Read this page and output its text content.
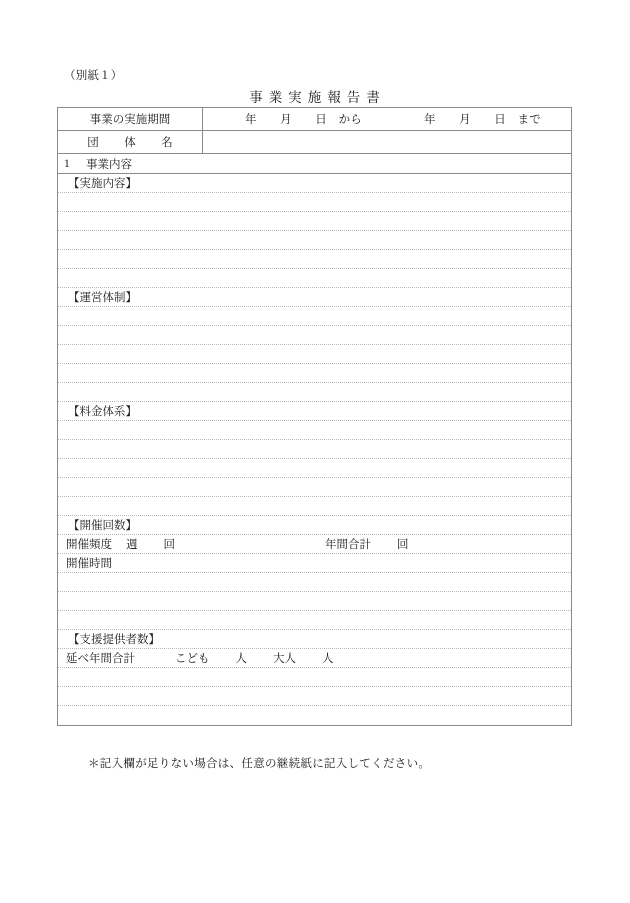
（別紙１）
事業実施報告書
事業の実施期間	年　　月　　日　から	年　　月　　日　まで
団　体　名
1	事業内容
【実施内容】
【運営体制】
【料金体系】
【開催回数】
開催頻度 週 回	年間合計 回
開催時間
【支援提供者数】
延べ年間合計	こども 人 大人 人
＊記入欄が足りない場合は、任意の継続紙に記入してください。
